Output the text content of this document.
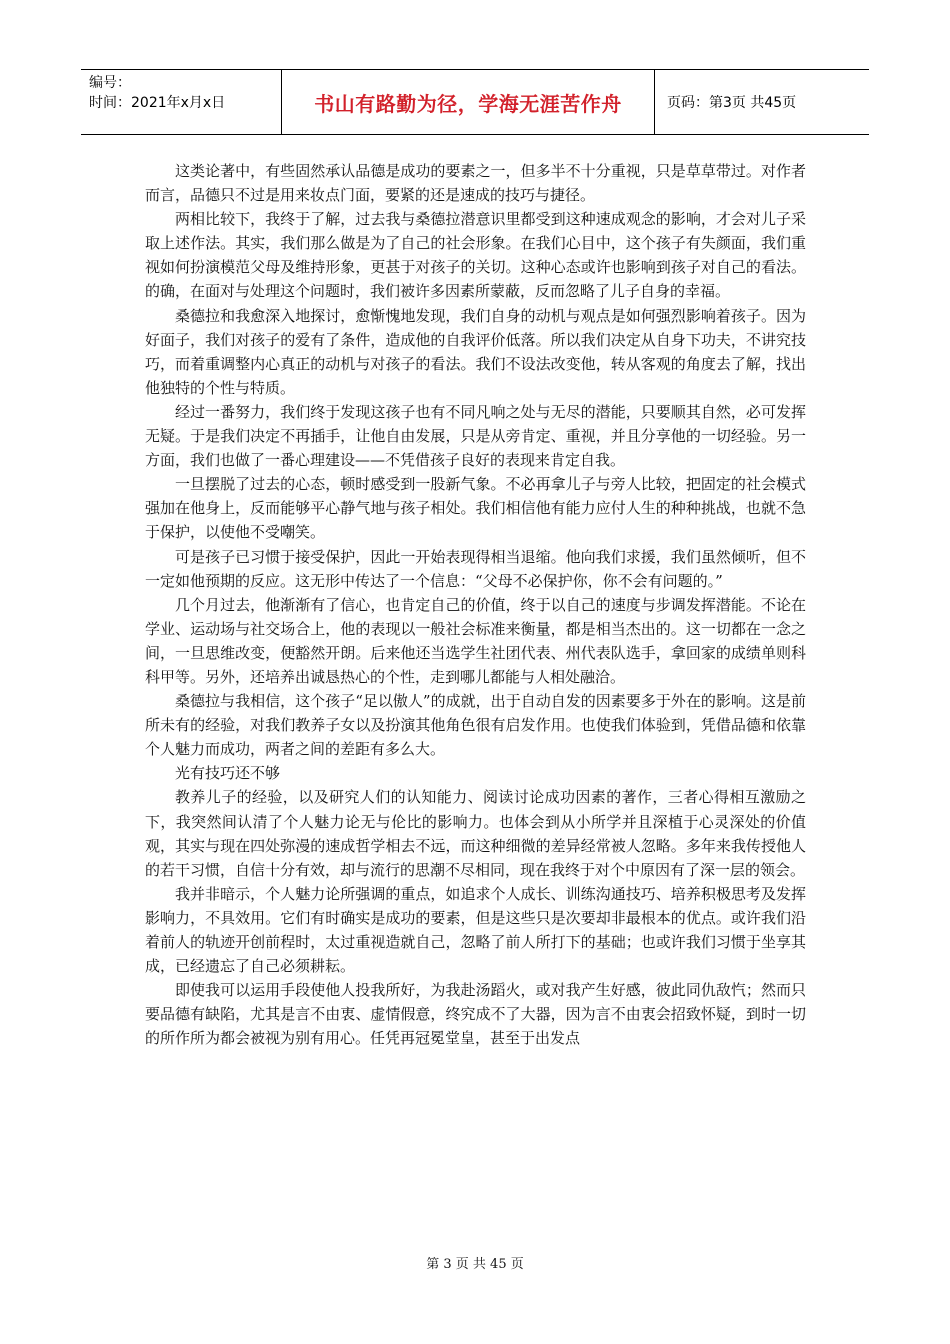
编号：
时间：2021年x月x日	书山有路勤为径，学海无涯苦作舟	页码：第3页 共45页

这类论著中，有些固然承认品德是成功的要素之一，但多半不十分重视，只是草草带过。对作者而言，品德只不过是用来妆点门面，要紧的还是速成的技巧与捷径。

两相比较下，我终于了解，过去我与桑德拉潜意识里都受到这种速成观念的影响，才会对儿子采取上述作法。其实，我们那么做是为了自己的社会形象。在我们心目中，这个孩子有失颜面，我们重视如何扮演模范父母及维持形象，更甚于对孩子的关切。这种心态或许也影响到孩子对自己的看法。的确，在面对与处理这个问题时，我们被许多因素所蒙蔽，反而忽略了儿子自身的幸福。

桑德拉和我愈深入地探讨，愈惭愧地发现，我们自身的动机与观点是如何强烈影响着孩子。因为好面子，我们对孩子的爱有了条件，造成他的自我评价低落。所以我们决定从自身下功夫，不讲究技巧，而着重调整内心真正的动机与对孩子的看法。我们不设法改变他，转从客观的角度去了解，找出他独特的个性与特质。

经过一番努力，我们终于发现这孩子也有不同凡响之处与无尽的潜能，只要顺其自然，必可发挥无疑。于是我们决定不再插手，让他自由发展，只是从旁肯定、重视，并且分享他的一切经验。另一方面，我们也做了一番心理建设——不凭借孩子良好的表现来肯定自我。

一旦摆脱了过去的心态，顿时感受到一股新气象。不必再拿儿子与旁人比较，把固定的社会模式强加在他身上，反而能够平心静气地与孩子相处。我们相信他有能力应付人生的种种挑战，也就不急于保护，以使他不受嘲笑。

可是孩子已习惯于接受保护，因此一开始表现得相当退缩。他向我们求援，我们虽然倾听，但不一定如他预期的反应。这无形中传达了一个信息：“父母不必保护你，你不会有问题的。”

几个月过去，他渐渐有了信心，也肯定自己的价值，终于以自己的速度与步调发挥潜能。不论在学业、运动场与社交场合上，他的表现以一般社会标准来衡量，都是相当杰出的。这一切都在一念之间，一旦思维改变，便豁然开朗。后来他还当选学生社团代表、州代表队选手，拿回家的成绩单则科科甲等。另外，还培养出诚恳热心的个性，走到哪儿都能与人相处融洽。

桑德拉与我相信，这个孩子“足以傲人”的成就，出于自动自发的因素要多于外在的影响。这是前所未有的经验，对我们教养子女以及扮演其他角色很有启发作用。也使我们体验到，凭借品德和依靠个人魅力而成功，两者之间的差距有多么大。

光有技巧还不够

教养儿子的经验，以及研究人们的认知能力、阅读讨论成功因素的著作，三者心得相互激励之下，我突然间认清了个人魅力论无与伦比的影响力。也体会到从小所学并且深植于心灵深处的价值观，其实与现在四处弥漫的速成哲学相去不远，而这种细微的差异经常被人忽略。多年来我传授他人的若干习惯，自信十分有效，却与流行的思潮不尽相同，现在我终于对个中原因有了深一层的领会。

我并非暗示，个人魅力论所强调的重点，如追求个人成长、训练沟通技巧、培养积极思考及发挥影响力，不具效用。它们有时确实是成功的要素，但是这些只是次要却非最根本的优点。或许我们沿着前人的轨迹开创前程时，太过重视造就自己，忽略了前人所打下的基础；也或许我们习惯于坐享其成，已经遗忘了自己必须耕耘。

即使我可以运用手段使他人投我所好，为我赴汤蹈火，或对我产生好感，彼此同仇敌忾；然而只要品德有缺陷，尤其是言不由衷、虚情假意，终究成不了大器，因为言不由衷会招致怀疑，到时一切的所作所为都会被视为别有用心。任凭再冠冕堂皇，甚至于出发点

第 3 页 共 45 页
